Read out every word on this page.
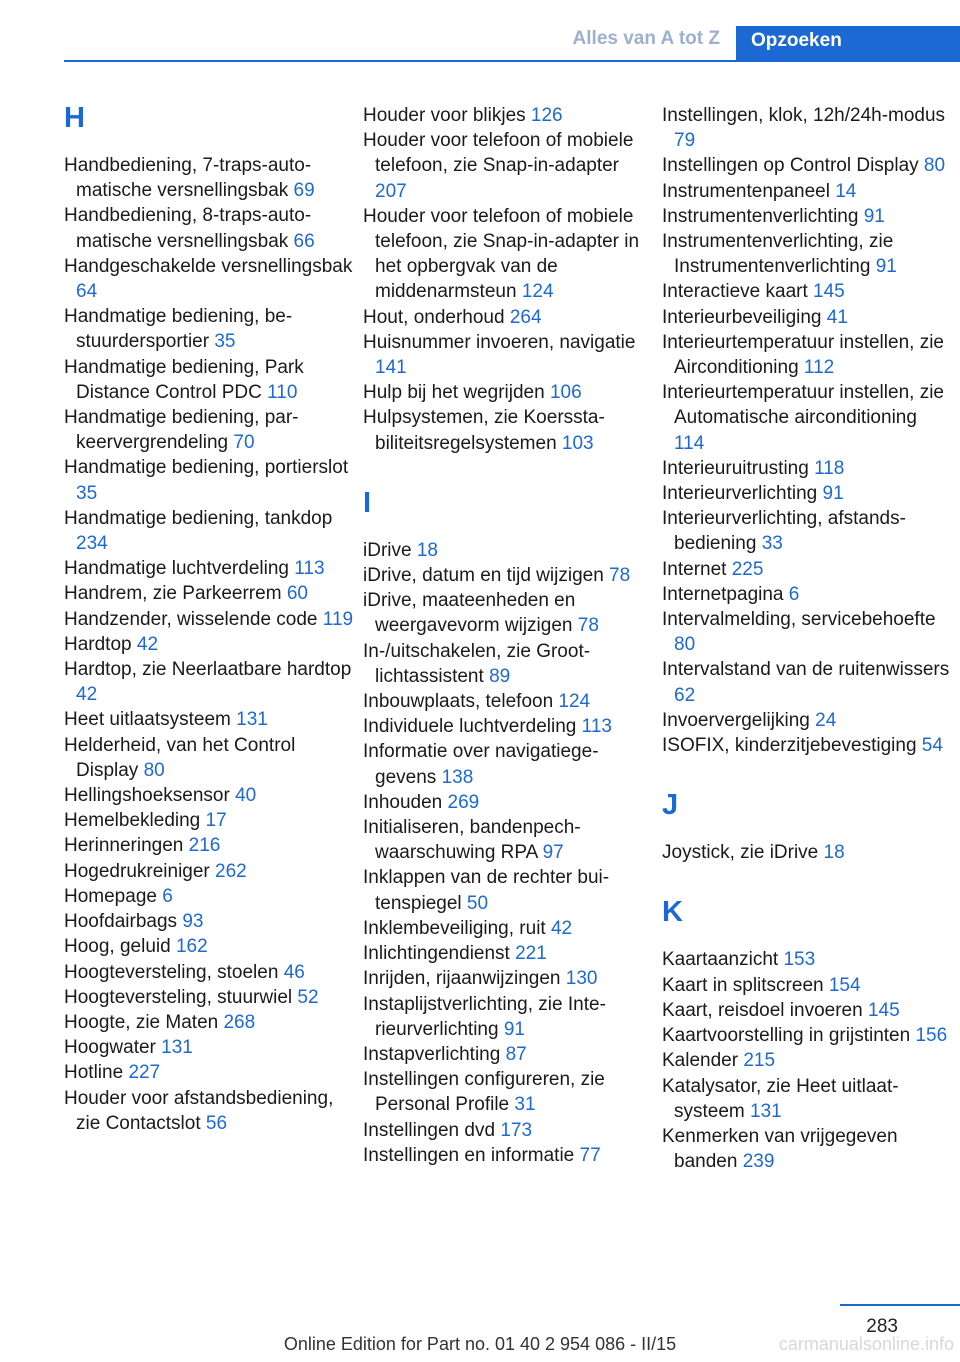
Alles van A tot Z	Opzoeken
H
Handbediening, 7-traps-automatische versnellingsbak 69
Handbediening, 8-traps-automatische versnellingsbak 66
Handgeschakelde versnellingsbak 64
Handmatige bediening, bestuurdersportier 35
Handmatige bediening, Park Distance Control PDC 110
Handmatige bediening, parkeervergrendeling 70
Handmatige bediening, portierslot 35
Handmatige bediening, tankdop 234
Handmatige luchtverdeling 113
Handrem, zie Parkeerrem 60
Handzender, wisselende code 119
Hardtop 42
Hardtop, zie Neerlaatbare hardtop 42
Heet uitlaatsysteem 131
Helderheid, van het Control Display 80
Hellingshoeksensor 40
Hemelbekleding 17
Herinneringen 216
Hogedrukreiniger 262
Homepage 6
Hoofdairbags 93
Hoog, geluid 162
Hoogteversteling, stoelen 46
Hoogteversteling, stuurwiel 52
Hoogte, zie Maten 268
Hoogwater 131
Hotline 227
Houder voor afstandsbediening, zie Contactslot 56
Houder voor blikjes 126
Houder voor telefoon of mobiele telefoon, zie Snap-in-adapter 207
Houder voor telefoon of mobiele telefoon, zie Snap-in-adapter in het opbergvak van de middenarmsteun 124
Hout, onderhoud 264
Huisnummer invoeren, navigatie 141
Hulp bij het wegrijden 106
Hulpsystemen, zie Koersstabiliteitsregelsystemen 103
I
iDrive 18
iDrive, datum en tijd wijzigen 78
iDrive, maateenheden en weergavevorm wijzigen 78
In-/uitschakelen, zie Grootlichtassistent 89
Inbouwplaats, telefoon 124
Individuele luchtverdeling 113
Informatie over navigatiegegevens 138
Inhouden 269
Initialiseren, bandenpechwaarschuwing RPA 97
Inklappen van de rechter buitenspiegel 50
Inklembeveiliging, ruit 42
Inlichtingendienst 221
Inrijden, rijaanwijzingen 130
Instaplijstverlichting, zie Interieurverlichting 91
Instapverlichting 87
Instellingen configureren, zie Personal Profile 31
Instellingen dvd 173
Instellingen en informatie 77
Instellingen, klok, 12h/24h-modus 79
Instellingen op Control Display 80
Instrumentenpaneel 14
Instrumentenverlichting 91
Instrumentenverlichting, zie Instrumentenverlichting 91
Interactieve kaart 145
Interieurbeveiliging 41
Interieurtemperatuur instellen, zie Airconditioning 112
Interieurtemperatuur instellen, zie Automatische airconditioning 114
Interieuruitrusting 118
Interieurverlichting 91
Interieurverlichting, afstandsbediening 33
Internet 225
Internetpagina 6
Intervalmelding, servicebehoefte 80
Intervalstand van de ruitenwissers 62
Invoervergelijking 24
ISOFIX, kinderzitjebevestiging 54
J
Joystick, zie iDrive 18
K
Kaartaanzicht 153
Kaart in splitscreen 154
Kaart, reisdoel invoeren 145
Kaartvoorstelling in grijstinten 156
Kalender 215
Katalysator, zie Heet uitlaatsysteem 131
Kenmerken van vrijgegeven banden 239
283
Online Edition for Part no. 01 40 2 954 086 - II/15	carmanualsonline.info
